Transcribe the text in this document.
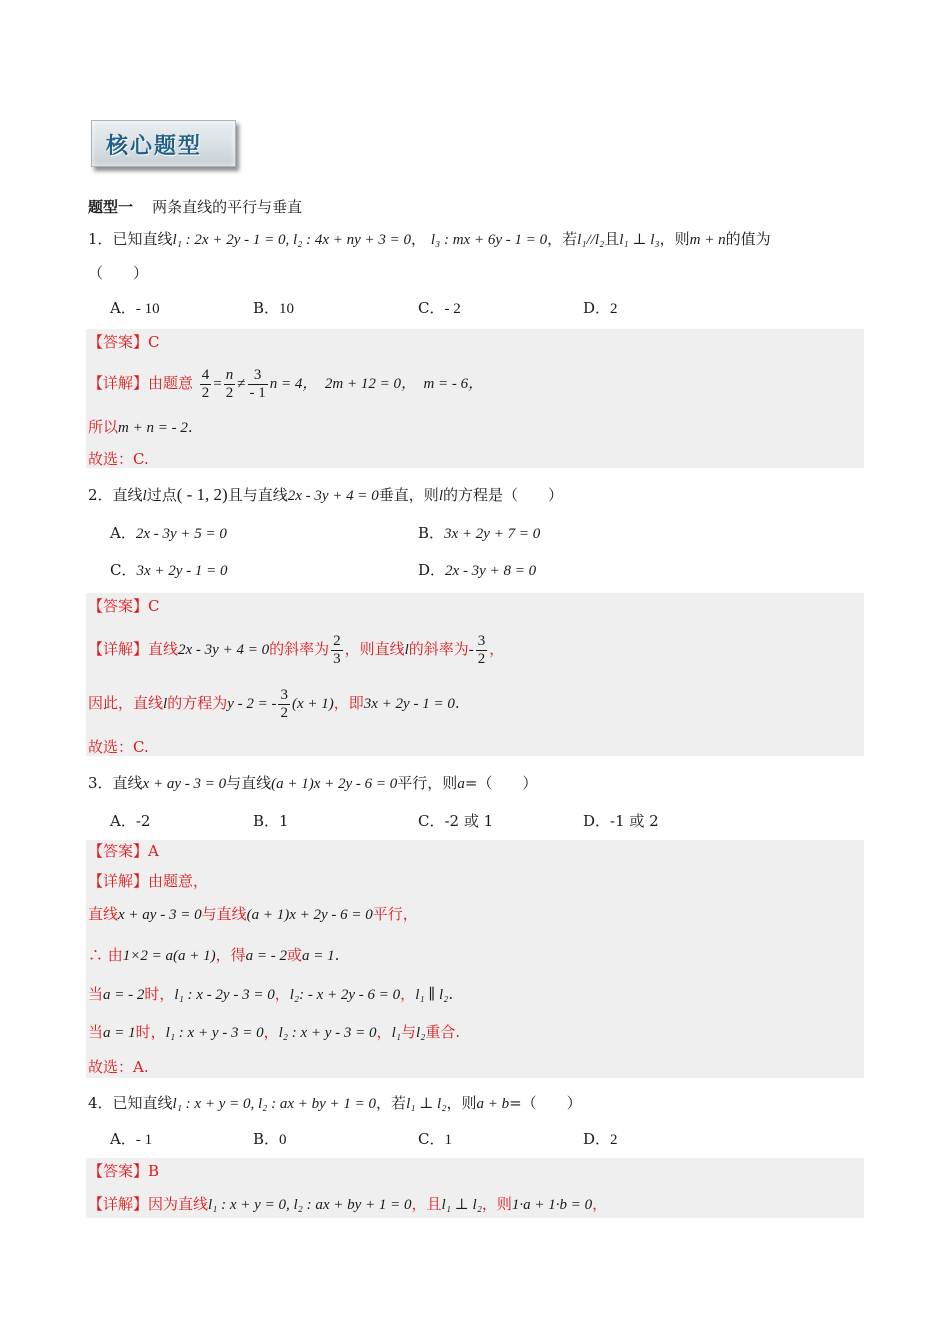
核心题型
题型一 两条直线的平行与垂直
1．已知直线l₁ : 2x + 2y - 1 = 0, l₂ : 4x + ny + 3 = 0， l₃ : mx + 6y - 1 = 0，若l₁//l₂且l₁ ⊥ l₃，则m + n的值为
（　　）
A．- 10	B．10	C．- 2	D．2
【答案】C
【详解】由题意 $\frac{4}{2} = \frac{n}{2} \ne \frac{3}{- 1}$ n = 4，　2m + 12 = 0，　m = - 6，
所以m + n = - 2.
故选：C.
2．直线l过点( - 1, 2)且与直线2x - 3y + 4 = 0垂直，则l的方程是（　　）
A．2x - 3y + 5 = 0	B．3x + 2y + 7 = 0
C．3x + 2y - 1 = 0	D．2x - 3y + 8 = 0
【答案】C
【详解】直线2x - 3y + 4 = 0的斜率为 $\frac{2}{3}$ ，则直线l的斜率为- $\frac{3}{2}$ ，
因此，直线l的方程为y - 2 = - $\frac{3}{2} (x + 1)$，即3x + 2y - 1 = 0.
故选：C.
3．直线x + ay - 3 = 0与直线(a + 1)x + 2y - 6 = 0平行，则a=（　　）
A．-2	B．1	C．-2 或 1	D．-1 或 2
【答案】A
【详解】由题意，
直线x + ay - 3 = 0与直线(a + 1)x + 2y - 6 = 0平行，
∴ 由1×2 = a(a + 1)，得a = - 2或a = 1.
当a = - 2时，l₁ : x - 2y - 3 = 0，l₂: - x + 2y - 6 = 0，l₁ ∥ l₂.
当a = 1时，l₁ : x + y - 3 = 0，l₂ : x + y - 3 = 0，l₁与l₂重合.
故选：A.
4．已知直线l₁ : x + y = 0, l₂ : ax + by + 1 = 0，若l₁ ⊥ l₂，则a + b=（　　）
A．- 1	B．0	C．1	D．2
【答案】B
【详解】因为直线l₁ : x + y = 0, l₂ : ax + by + 1 = 0，且l₁ ⊥ l₂，则1·a + 1·b = 0，
